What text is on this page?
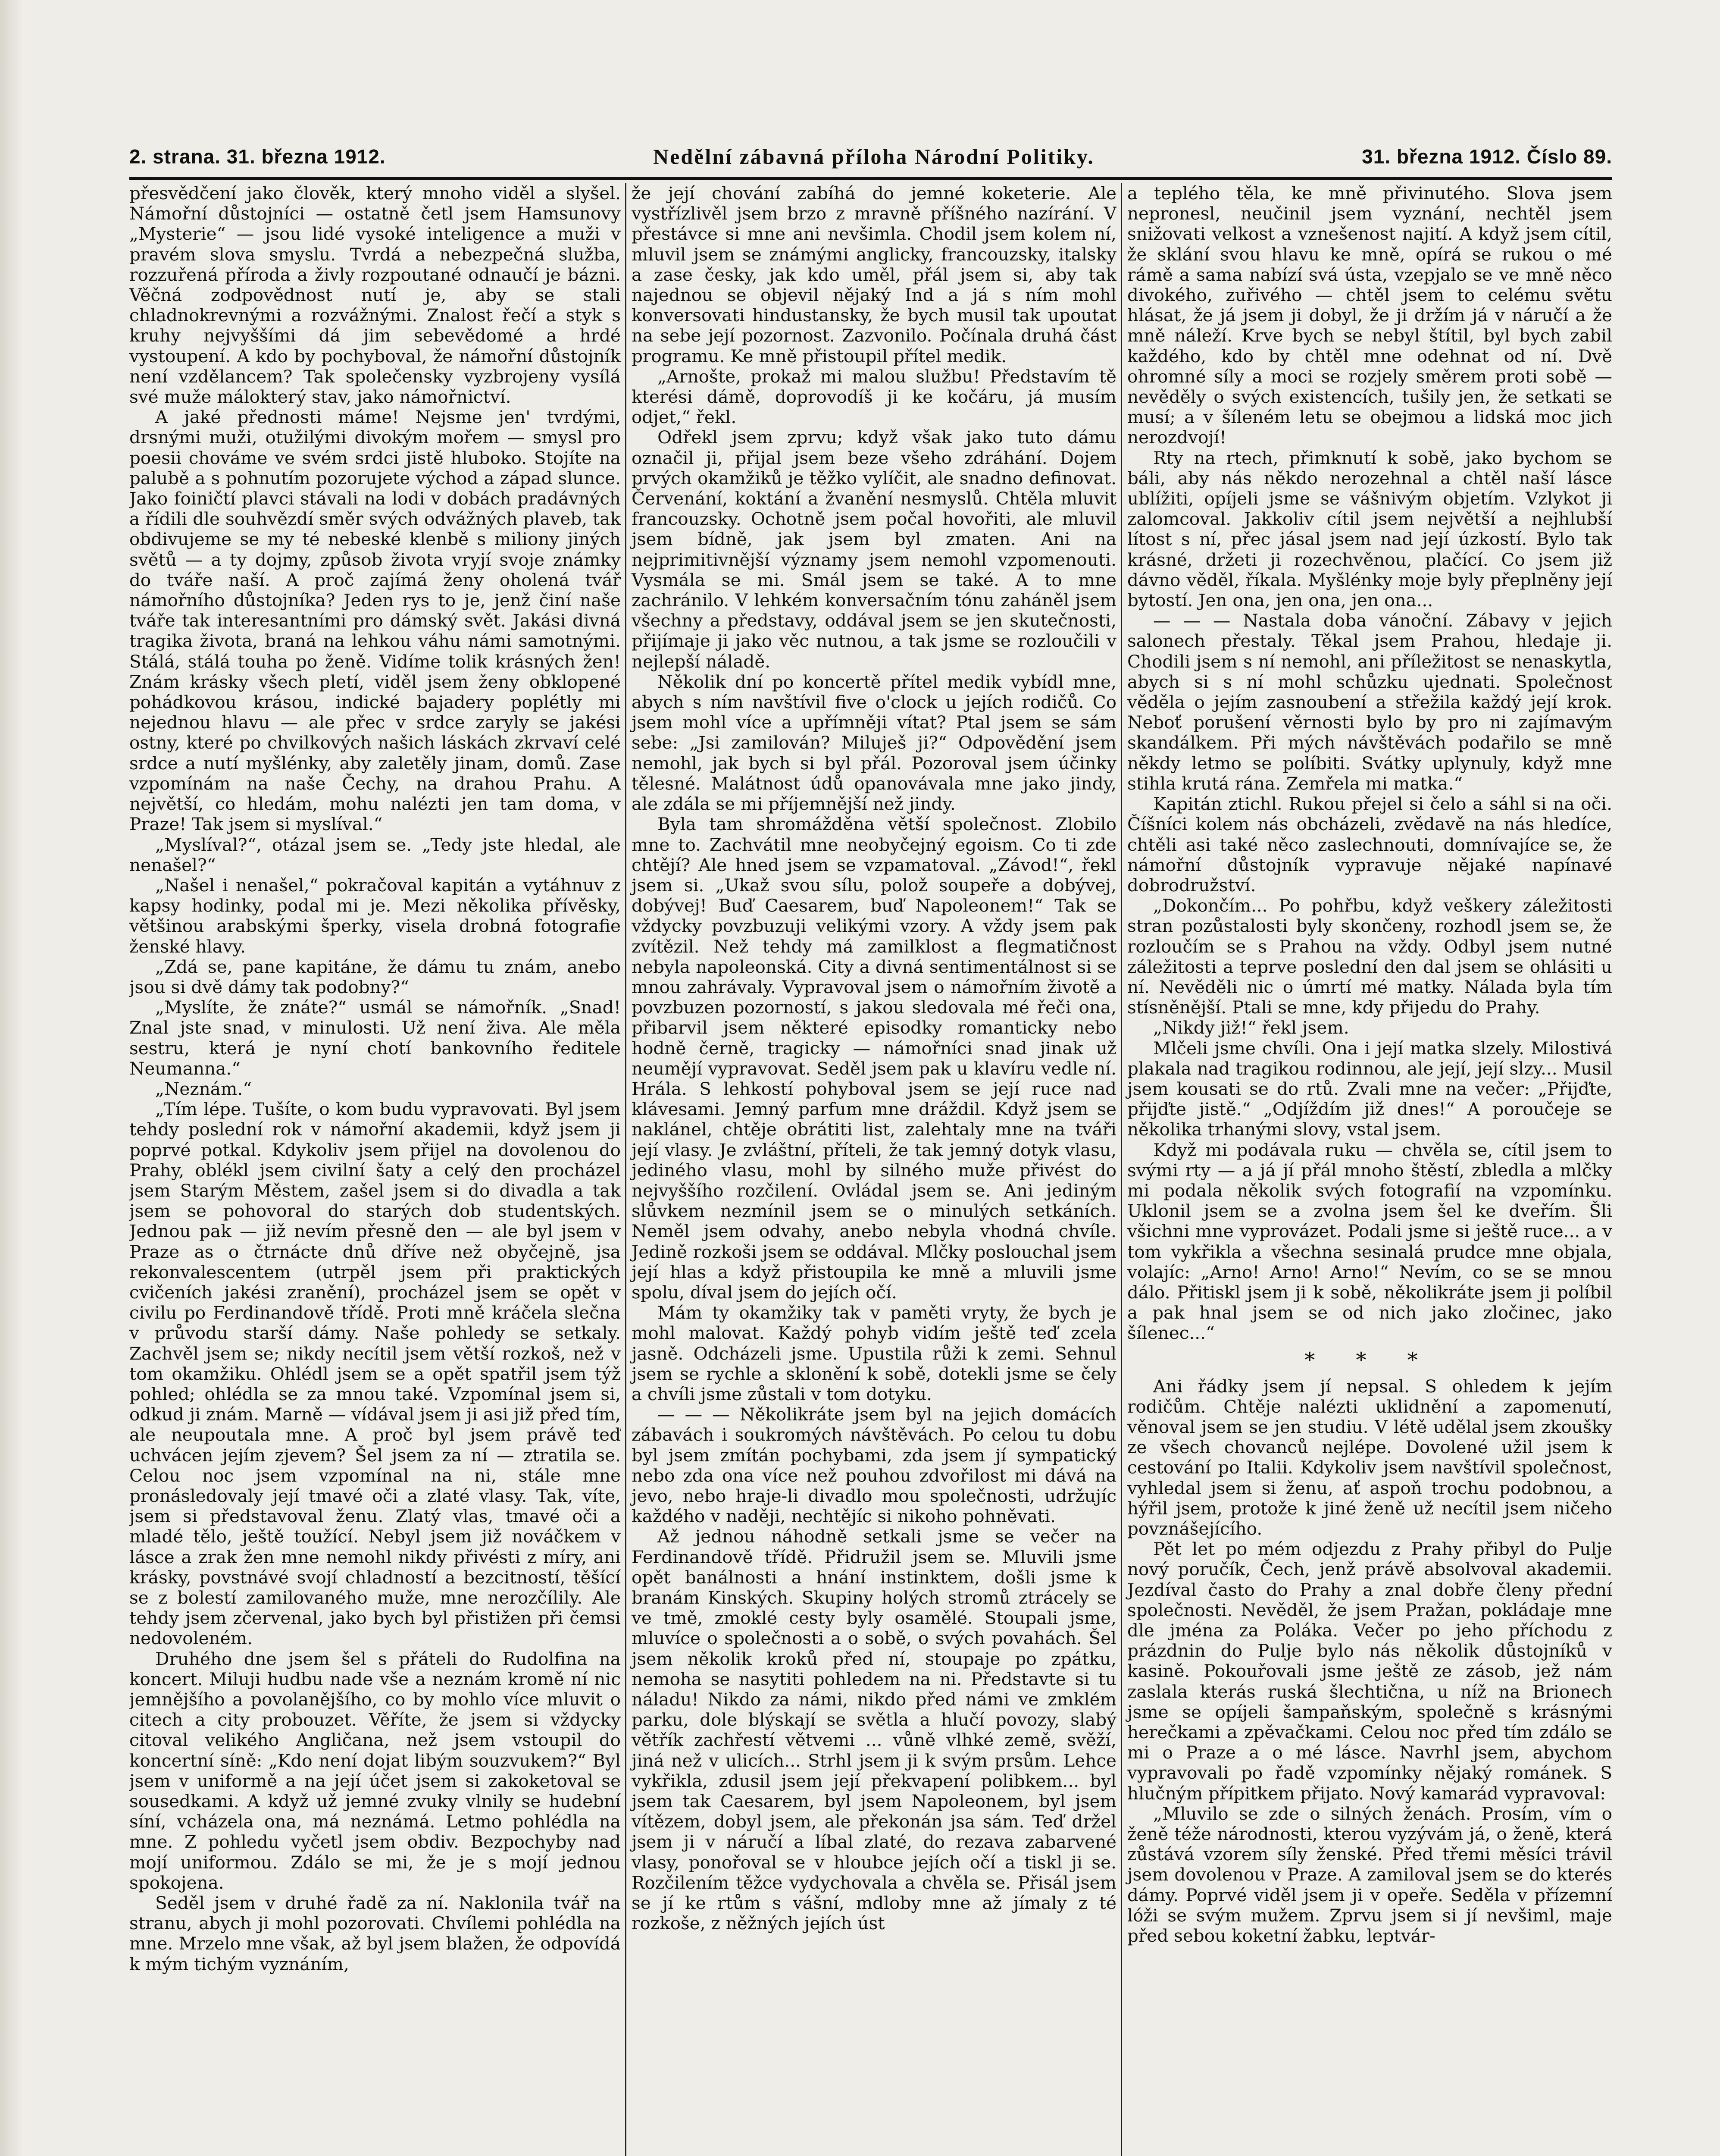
2. strana. 31. března 1912.	Nedělní zábavná příloha Národní Politiky.	31. března 1912. Číslo 89.

přesvědčení jako člověk, který mnoho viděl a slyšel. Námořní důstojníci — ostatně četl jsem Hamsunovy „Mysterie“ — jsou lidé vysoké inteligence a muži v pravém slova smyslu. Tvrdá a nebezpečná služba, rozzuřená příroda a živly rozpoutané odnaučí je bázni. Věčná zodpovědnost nutí je, aby se stali chladnokrevnými a rozvážnými. Znalost řečí a styk s kruhy nejvyššími dá jim sebevědomé a hrdé vystoupení. A kdo by pochyboval, že námořní důstojník není vzdělancem? Tak společensky vyzbrojeny vysílá své muže málokterý stav, jako námořnictví.

A jaké přednosti máme! Nejsme jen' tvrdými, drsnými muži, otužilými divokým mořem — smysl pro poesii chováme ve svém srdci jistě hluboko. Stojíte na palubě a s pohnutím pozorujete východ a západ slunce. Jako foiničtí plavci stávali na lodi v dobách pradávných a řídili dle souhvězdí směr svých odvážných plaveb, tak obdivujeme se my té nebeské klenbě s miliony jiných světů — a ty dojmy, způsob života vryjí svoje známky do tváře naší. A proč zajímá ženy oholená tvář námořního důstojníka? Jeden rys to je, jenž činí naše tváře tak interesantními pro dámský svět. Jakási divná tragika života, braná na lehkou váhu námi samotnými. Stálá, stálá touha po ženě. Vidíme tolik krásných žen! Znám krásky všech pletí, viděl jsem ženy obklopené pohádkovou krásou, indické bajadery poplétly mi nejednou hlavu — ale přec v srdce zaryly se jakési ostny, které po chvilkových našich láskách zkrvaví celé srdce a nutí myšlénky, aby zaletěly jinam, domů. Zase vzpomínám na naše Čechy, na drahou Prahu. A největší, co hledám, mohu nalézti jen tam doma, v Praze! Tak jsem si myslíval.“

„Myslíval?“, otázal jsem se. „Tedy jste hledal, ale nenašel?“

„Našel i nenašel,“ pokračoval kapitán a vytáhnuv z kapsy hodinky, podal mi je. Mezi několika přívěsky, většinou arabskými šperky, visela drobná fotografie ženské hlavy.

„Zdá se, pane kapitáne, že dámu tu znám, anebo jsou si dvě dámy tak podobny?“

„Myslíte, že znáte?“ usmál se námořník. „Snad! Znal jste snad, v minulosti. Už není živa. Ale měla sestru, která je nyní chotí bankovního ředitele Neumanna.“

„Neznám.“

„Tím lépe. Tušíte, o kom budu vypravovati. Byl jsem tehdy poslední rok v námořní akademii, když jsem ji poprvé potkal. Kdykoliv jsem přijel na dovolenou do Prahy, oblékl jsem civilní šaty a celý den procházel jsem Starým Městem, zašel jsem si do divadla a tak jsem se pohovoral do starých dob studentských. Jednou pak — již nevím přesně den — ale byl jsem v Praze as o čtrnácte dnů dříve než obyčejně, jsa rekonvalescentem (utrpěl jsem při praktických cvičeních jakési zranění), procházel jsem se opět v civilu po Ferdinandově třídě. Proti mně kráčela slečna v průvodu starší dámy. Naše pohledy se setkaly. Zachvěl jsem se; nikdy necítil jsem větší rozkoš, než v tom okamžiku. Ohlédl jsem se a opět spatřil jsem týž pohled; ohlédla se za mnou také. Vzpomínal jsem si, odkud ji znám. Marně — vídával jsem ji asi již před tím, ale neupoutala mne. A proč byl jsem právě teď uchvácen jejím zjevem? Šel jsem za ní — ztratila se. Celou noc jsem vzpomínal na ni, stále mne pronásledovaly její tmavé oči a zlaté vlasy. Tak, víte, jsem si představoval ženu. Zlatý vlas, tmavé oči a mladé tělo, ještě toužící. Nebyl jsem již nováčkem v lásce a zrak žen mne nemohl nikdy přivésti z míry, ani krásky, povstnávé svojí chladností a bezcitností, těšící se z bolestí zamilovaného muže, mne nerozčílily. Ale tehdy jsem zčervenal, jako bych byl přistižen při čemsi nedovoleném.

Druhého dne jsem šel s přáteli do Rudolfina na koncert. Miluji hudbu nade vše a neznám kromě ní nic jemnějšího a povolanějšího, co by mohlo více mluvit o citech a city probouzet. Věříte, že jsem si vždycky citoval velikého Angličana, než jsem vstoupil do koncertní síně: „Kdo není dojat libým souzvukem?“ Byl jsem v uniformě a na její účet jsem si zakoketoval se sousedkami. A když už jemné zvuky vlnily se hudební síní, vcházela ona, má neznámá. Letmo pohlédla na mne. Z pohledu vyčetl jsem obdiv. Bezpochyby nad mojí uniformou. Zdálo se mi, že je s mojí jednou spokojena.

Seděl jsem v druhé řadě za ní. Naklonila tvář na stranu, abych ji mohl pozorovati. Chvílemi pohlédla na mne. Mrzelo mne však, až byl jsem blažen, že odpovídá k mým tichým vyznáním,

že její chování zabíhá do jemné koketerie. Ale vystřízlivěl jsem brzo z mravně příšného nazírání. V přestávce si mne ani nevšimla. Chodil jsem kolem ní, mluvil jsem se známými anglicky, francouzsky, italsky a zase česky, jak kdo uměl, přál jsem si, aby tak najednou se objevil nějaký Ind a já s ním mohl konversovati hindustansky, že bych musil tak upoutat na sebe její pozornost. Zazvonilo. Počínala druhá část programu. Ke mně přistoupil přítel medik.

„Arnošte, prokaž mi malou službu! Představím tě kterési dámě, doprovodíš ji ke kočáru, já musím odjet,“ řekl.

Odřekl jsem zprvu; když však jako tuto dámu označil ji, přijal jsem beze všeho zdráhání. Dojem prvých okamžiků je těžko vylíčit, ale snadno definovat. Červenání, koktání a žvanění nesmyslů. Chtěla mluvit francouzsky. Ochotně jsem počal hovořiti, ale mluvil jsem bídně, jak jsem byl zmaten. Ani na nejprimitivnější významy jsem nemohl vzpomenouti. Vysmála se mi. Smál jsem se také. A to mne zachránilo. V lehkém konversačním tónu zaháněl jsem všechny a představy, oddával jsem se jen skutečnosti, přijímaje ji jako věc nutnou, a tak jsme se rozloučili v nejlepší náladě.

Několik dní po koncertě přítel medik vybídl mne, abych s ním navštívil five o'clock u jejích rodičů. Co jsem mohl více a upřímněji vítat? Ptal jsem se sám sebe: „Jsi zamilován? Miluješ ji?“ Odpovědění jsem nemohl, jak bych si byl přál. Pozoroval jsem účinky tělesné. Malátnost údů opanovávala mne jako jindy, ale zdála se mi příjemnější než jindy.

Byla tam shromážděna větší společnost. Zlobilo mne to. Zachvátil mne neobyčejný egoism. Co ti zde chtějí? Ale hned jsem se vzpamatoval. „Závod!“, řekl jsem si. „Ukaž svou sílu, polož soupeře a dobývej, dobývej! Buď Caesarem, buď Napoleonem!“ Tak se vždycky povzbuzuji velikými vzory. A vždy jsem pak zvítězil. Než tehdy má zamilklost a flegmatičnost nebyla napoleonská. City a divná sentimentálnost si se mnou zahrávaly. Vypravoval jsem o námořním životě a povzbuzen pozorností, s jakou sledovala mé řeči ona, přibarvil jsem některé episodky romanticky nebo hodně černě, tragicky — námořníci snad jinak už neumějí vypravovat. Seděl jsem pak u klavíru vedle ní. Hrála. S lehkostí pohyboval jsem se její ruce nad klávesami. Jemný parfum mne dráždil. Když jsem se naklánel, chtěje obrátiti list, zalehtaly mne na tváři její vlasy. Je zvláštní, příteli, že tak jemný dotyk vlasu, jediného vlasu, mohl by silného muže přivést do nejvyššího rozčilení. Ovládal jsem se. Ani jediným slůvkem nezmínil jsem se o minulých setkáních. Neměl jsem odvahy, anebo nebyla vhodná chvíle. Jedině rozkoši jsem se oddával. Mlčky poslouchal jsem její hlas a když přistoupila ke mně a mluvili jsme spolu, díval jsem do jejích očí.

Mám ty okamžiky tak v paměti vryty, že bych je mohl malovat. Každý pohyb vidím ještě teď zcela jasně. Odcházeli jsme. Upustila růži k zemi. Sehnul jsem se rychle a sklonění k sobě, dotekli jsme se čely a chvíli jsme zůstali v tom dotyku.

— — — Několikráte jsem byl na jejich domácích zábavách i soukromých návštěvách. Po celou tu dobu byl jsem zmítán pochybami, zda jsem jí sympatický nebo zda ona více než pouhou zdvořilost mi dává na jevo, nebo hraje-li divadlo mou společnosti, udržujíc každého v naději, nechtějíc si nikoho pohněvati.

Až jednou náhodně setkali jsme se večer na Ferdinandově třídě. Přidružil jsem se. Mluvili jsme opět banálnosti a hnání instinktem, došli jsme k branám Kinských. Skupiny holých stromů ztrácely se ve tmě, zmoklé cesty byly osamělé. Stoupali jsme, mluvíce o společnosti a o sobě, o svých povahách. Šel jsem několik kroků před ní, stoupaje po zpátku, nemoha se nasytiti pohledem na ni. Představte si tu náladu! Nikdo za námi, nikdo před námi ve zmklém parku, dole blýskají se světla a hlučí povozy, slabý větřík zachřestí větvemi ... vůně vlhké země, svěží, jiná než v ulicích... Strhl jsem ji k svým prsům. Lehce vykřikla, zdusil jsem její překvapení polibkem... byl jsem tak Caesarem, byl jsem Napoleonem, byl jsem vítězem, dobyl jsem, ale překonán jsa sám. Teď držel jsem ji v náručí a líbal zlaté, do rezava zabarvené vlasy, ponořoval se v hloubce jejích očí a tiskl ji se. Rozčilením těžce vydychovala a chvěla se. Přisál jsem se jí ke rtům s vášní, mdloby mne až jímaly z té rozkoše, z něžných jejích úst

a teplého těla, ke mně přivinutého. Slova jsem nepronesl, neučinil jsem vyznání, nechtěl jsem snižovati velkost a vznešenost najití. A když jsem cítil, že sklání svou hlavu ke mně, opírá se rukou o mé rámě a sama nabízí svá ústa, vzepjalo se ve mně něco divokého, zuřivého — chtěl jsem to celému světu hlásat, že já jsem ji dobyl, že ji držím já v náručí a že mně náleží. Krve bych se nebyl štítil, byl bych zabil každého, kdo by chtěl mne odehnat od ní. Dvě ohromné síly a moci se rozjely směrem proti sobě — nevěděly o svých existencích, tušily jen, že setkati se musí; a v šíleném letu se obejmou a lidská moc jich nerozdvojí!

Rty na rtech, přimknutí k sobě, jako bychom se báli, aby nás někdo nerozehnal a chtěl naší lásce ublížiti, opíjeli jsme se vášnivým objetím. Vzlykot ji zalomcoval. Jakkoliv cítil jsem největší a nejhlubší lítost s ní, přec jásal jsem nad její úzkostí. Bylo tak krásné, držeti ji rozechvěnou, plačící. Co jsem již dávno věděl, říkala. Myšlénky moje byly přeplněny její bytostí. Jen ona, jen ona, jen ona...

— — — Nastala doba vánoční. Zábavy v jejich salonech přestaly. Těkal jsem Prahou, hledaje ji. Chodili jsem s ní nemohl, ani příležitost se nenaskytla, abych si s ní mohl schůzku ujednati. Společnost věděla o jejím zasnoubení a střežila každý její krok. Neboť porušení věrnosti bylo by pro ni zajímavým skandálkem. Při mých návštěvách podařilo se mně někdy letmo se políbiti. Svátky uplynuly, když mne stihla krutá rána. Zemřela mi matka.“

Kapitán ztichl. Rukou přejel si čelo a sáhl si na oči. Číšníci kolem nás obcházeli, zvědavě na nás hledíce, chtěli asi také něco zaslechnouti, domnívajíce se, že námořní důstojník vypravuje nějaké napínavé dobrodružství.

„Dokončím... Po pohřbu, když veškery záležitosti stran pozůstalosti byly skončeny, rozhodl jsem se, že rozloučím se s Prahou na vždy. Odbyl jsem nutné záležitosti a teprve poslední den dal jsem se ohlásiti u ní. Nevěděli nic o úmrtí mé matky. Nálada byla tím stísněnější. Ptali se mne, kdy přijedu do Prahy.

„Nikdy již!“ řekl jsem.

Mlčeli jsme chvíli. Ona i její matka slzely. Milostivá plakala nad tragikou rodinnou, ale její, její slzy... Musil jsem kousati se do rtů. Zvali mne na večer: „Přijďte, přijďte jistě.“ „Odjíždím již dnes!“ A poroučeje se několika trhanými slovy, vstal jsem.

Když mi podávala ruku — chvěla se, cítil jsem to svými rty — a já jí přál mnoho štěstí, zbledla a mlčky mi podala několik svých fotografií na vzpomínku. Uklonil jsem se a zvolna jsem šel ke dveřím. Šli všichni mne vyprovázet. Podali jsme si ještě ruce... a v tom vykřikla a všechna sesinalá prudce mne objala, volajíc: „Arno! Arno! Arno!“ Nevím, co se se mnou dálo. Přitiskl jsem ji k sobě, několikráte jsem ji políbil a pak hnal jsem se od nich jako zločinec, jako šílenec...“

* * *

Ani řádky jsem jí nepsal. S ohledem k jejím rodičům. Chtěje nalézti uklidnění a zapomenutí, věnoval jsem se jen studiu. V létě udělal jsem zkoušky ze všech chovanců nejlépe. Dovolené užil jsem k cestování po Italii. Kdykoliv jsem navštívil společnost, vyhledal jsem si ženu, ať aspoň trochu podobnou, a hýřil jsem, protože k jiné ženě už necítil jsem ničeho povznášejícího.

Pět let po mém odjezdu z Prahy přibyl do Pulje nový poručík, Čech, jenž právě absolvoval akademii. Jezdíval často do Prahy a znal dobře členy přední společnosti. Nevěděl, že jsem Pražan, pokládaje mne dle jména za Poláka. Večer po jeho příchodu z prázdnin do Pulje bylo nás několik důstojníků v kasině. Pokouřovali jsme ještě ze zásob, jež nám zaslala kterás ruská šlechtična, u níž na Brionech jsme se opíjeli šampaňským, společně s krásnými herečkami a zpěvačkami. Celou noc před tím zdálo se mi o Praze a o mé lásce. Navrhl jsem, abychom vypravovali po řadě vzpomínky nějaký románek. S hlučným přípitkem přijato. Nový kamarád vypravoval:

„Mluvilo se zde o silných ženách. Prosím, vím o ženě téže národnosti, kterou vyzývám já, o ženě, která zůstává vzorem síly ženské. Před třemi měsíci trávil jsem dovolenou v Praze. A zamiloval jsem se do kterés dámy. Poprvé viděl jsem ji v opeře. Seděla v přízemní lóži se svým mužem. Zprvu jsem si jí nevšiml, maje před sebou koketní žabku, leptvár-
